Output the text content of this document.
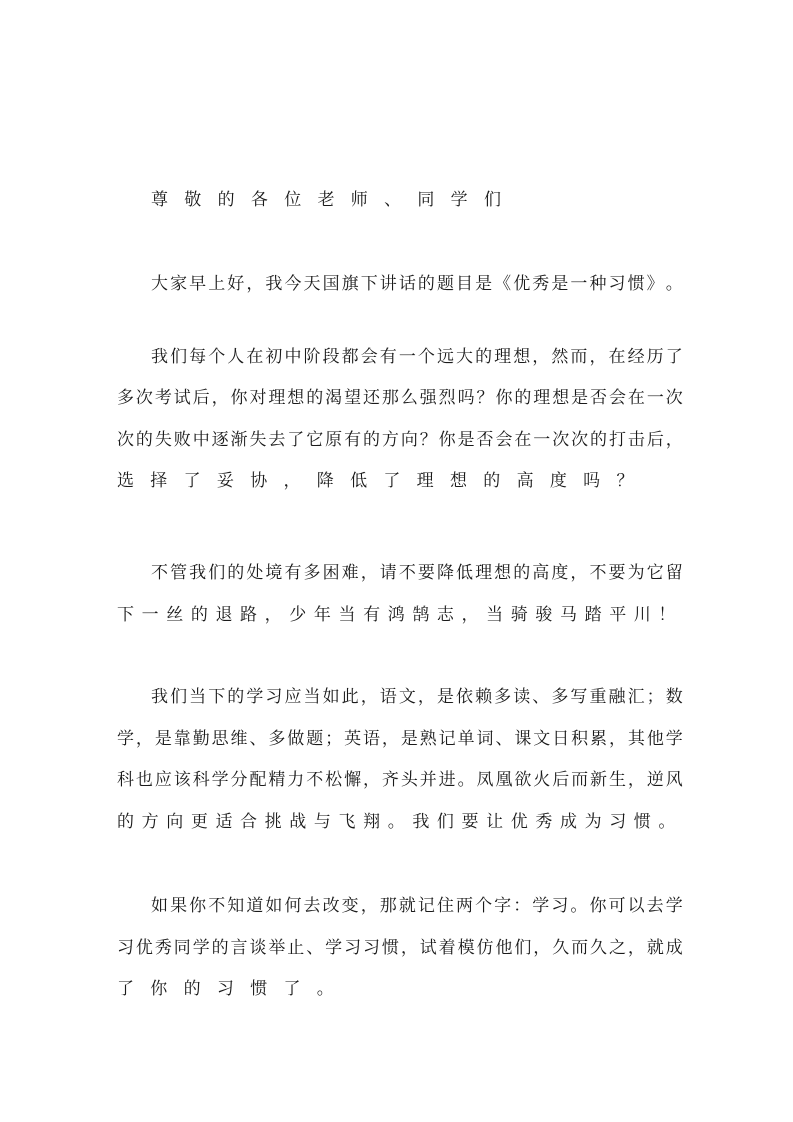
尊 敬 的 各 位 老 师 、 同 学 们
大 家 早 上 好 ， 我 今 天 国 旗 下 讲 话 的 题 目 是 《 优 秀 是 一 种 习 惯 》 。
我 们 每 个 人 在 初 中 阶 段 都 会 有 一 个 远 大 的 理 想 ， 然 而 ， 在 经 历 了
多 次 考 试 后 ， 你 对 理 想 的 渴 望 还 那 么 强 烈 吗 ？ 你 的 理 想 是 否 会 在 一 次
次 的 失 败 中 逐 渐 失 去 了 它 原 有 的 方 向 ？ 你 是 否 会 在 一 次 次 的 打 击 后 ，
选 择 了 妥 协 ， 降 低 了 理 想 的 高 度 吗 ？
不 管 我 们 的 处 境 有 多 困 难 ， 请 不 要 降 低 理 想 的 高 度 ， 不 要 为 它 留
下 一 丝 的 退 路 ， 少 年 当 有 鸿 鹄 志 ， 当 骑 骏 马 踏 平 川 ！
我 们 当 下 的 学 习 应 当 如 此 ， 语 文 ， 是 依 赖 多 读 、 多 写 重 融 汇 ； 数
学 ， 是 靠 勤 思 维 、 多 做 题 ； 英 语 ， 是 熟 记 单 词 、 课 文 日 积 累 ， 其 他 学
科 也 应 该 科 学 分 配 精 力 不 松 懈 ， 齐 头 并 进 。 凤 凰 欲 火 后 而 新 生 ， 逆 风
的 方 向 更 适 合 挑 战 与 飞 翔 。 我 们 要 让 优 秀 成 为 习 惯 。
如 果 你 不 知 道 如 何 去 改 变 ， 那 就 记 住 两 个 字 ： 学 习 。 你 可 以 去 学
习 优 秀 同 学 的 言 谈 举 止 、 学 习 习 惯 ， 试 着 模 仿 他 们 ， 久 而 久 之 ， 就 成
了 你 的 习 惯 了 。
